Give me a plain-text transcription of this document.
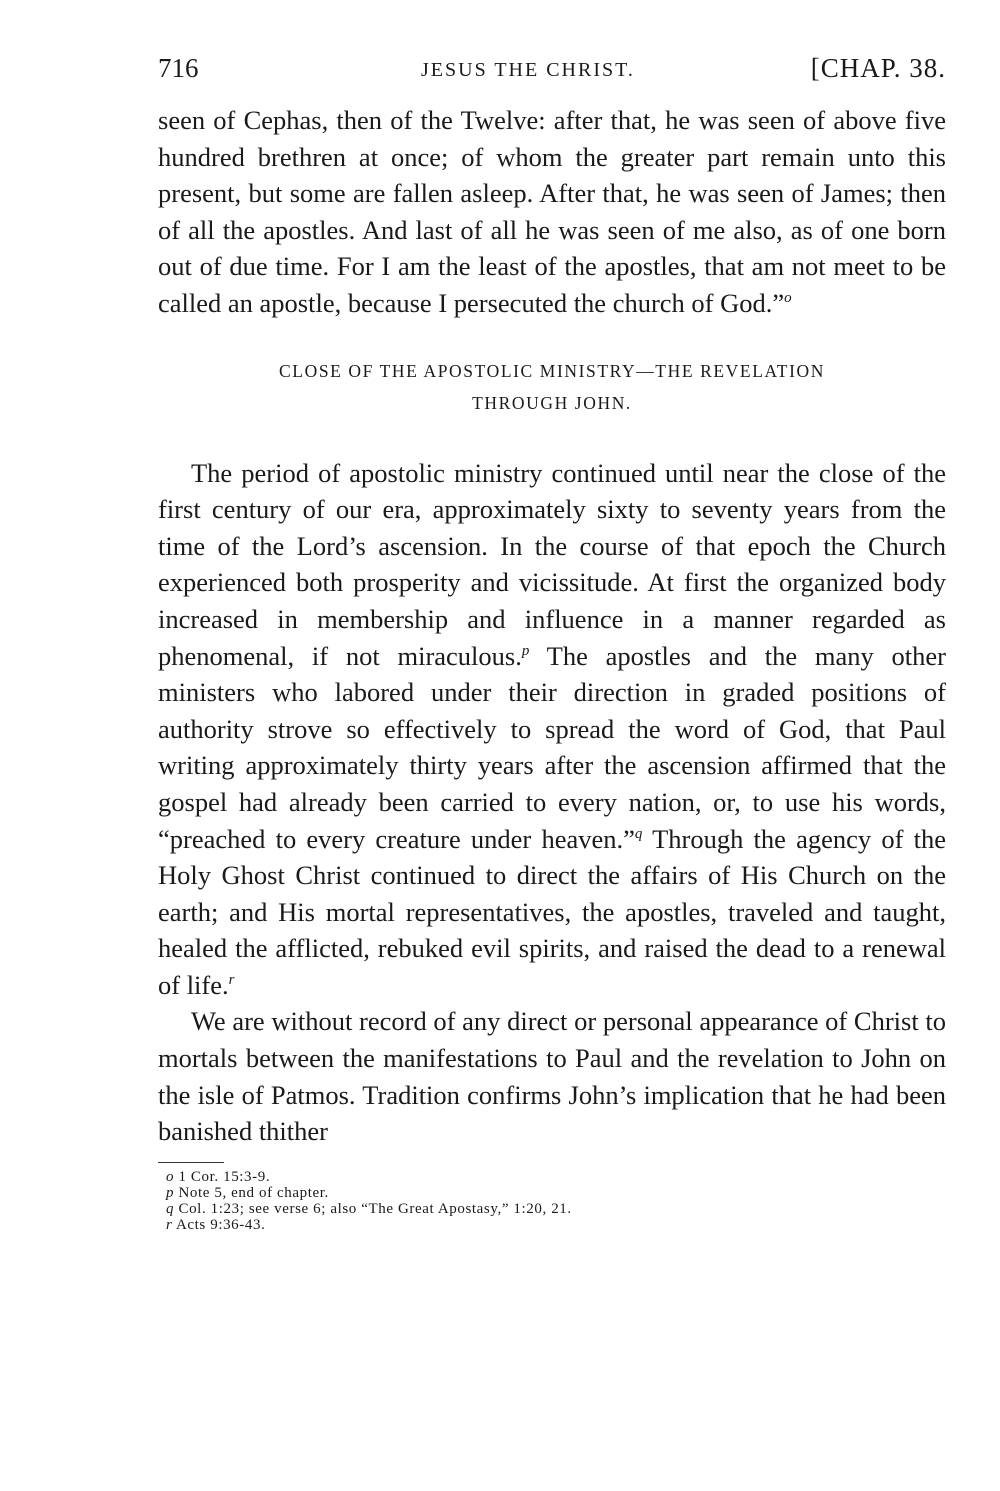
716	JESUS THE CHRIST.	[CHAP. 38.

seen of Cephas, then of the Twelve: after that, he was seen of above five hundred brethren at once; of whom the greater part remain unto this present, but some are fallen asleep. After that, he was seen of James; then of all the apostles. And last of all he was seen of me also, as of one born out of due time. For I am the least of the apostles, that am not meet to be called an apostle, because I persecuted the church of God.”$^o$

CLOSE OF THE APOSTOLIC MINISTRY—THE REVELATION
THROUGH JOHN.

The period of apostolic ministry continued until near the close of the first century of our era, approximately sixty to seventy years from the time of the Lord’s ascension. In the course of that epoch the Church experienced both prosperity and vicissitude. At first the organized body increased in membership and influence in a manner regarded as phenomenal, if not miraculous.$^p$ The apostles and the many other ministers who labored under their direction in graded positions of authority strove so effectively to spread the word of God, that Paul writing approximately thirty years after the ascension affirmed that the gospel had already been carried to every nation, or, to use his words, “preached to every creature under heaven.”$^q$ Through the agency of the Holy Ghost Christ continued to direct the affairs of His Church on the earth; and His mortal representatives, the apostles, traveled and taught, healed the afflicted, rebuked evil spirits, and raised the dead to a renewal of life.$^r$

We are without record of any direct or personal appearance of Christ to mortals between the manifestations to Paul and the revelation to John on the isle of Patmos. Tradition confirms John’s implication that he had been banished thither

o 1 Cor. 15:3-9.

p Note 5, end of chapter.

q Col. 1:23; see verse 6; also “The Great Apostasy,” 1:20, 21.

r Acts 9:36-43.
